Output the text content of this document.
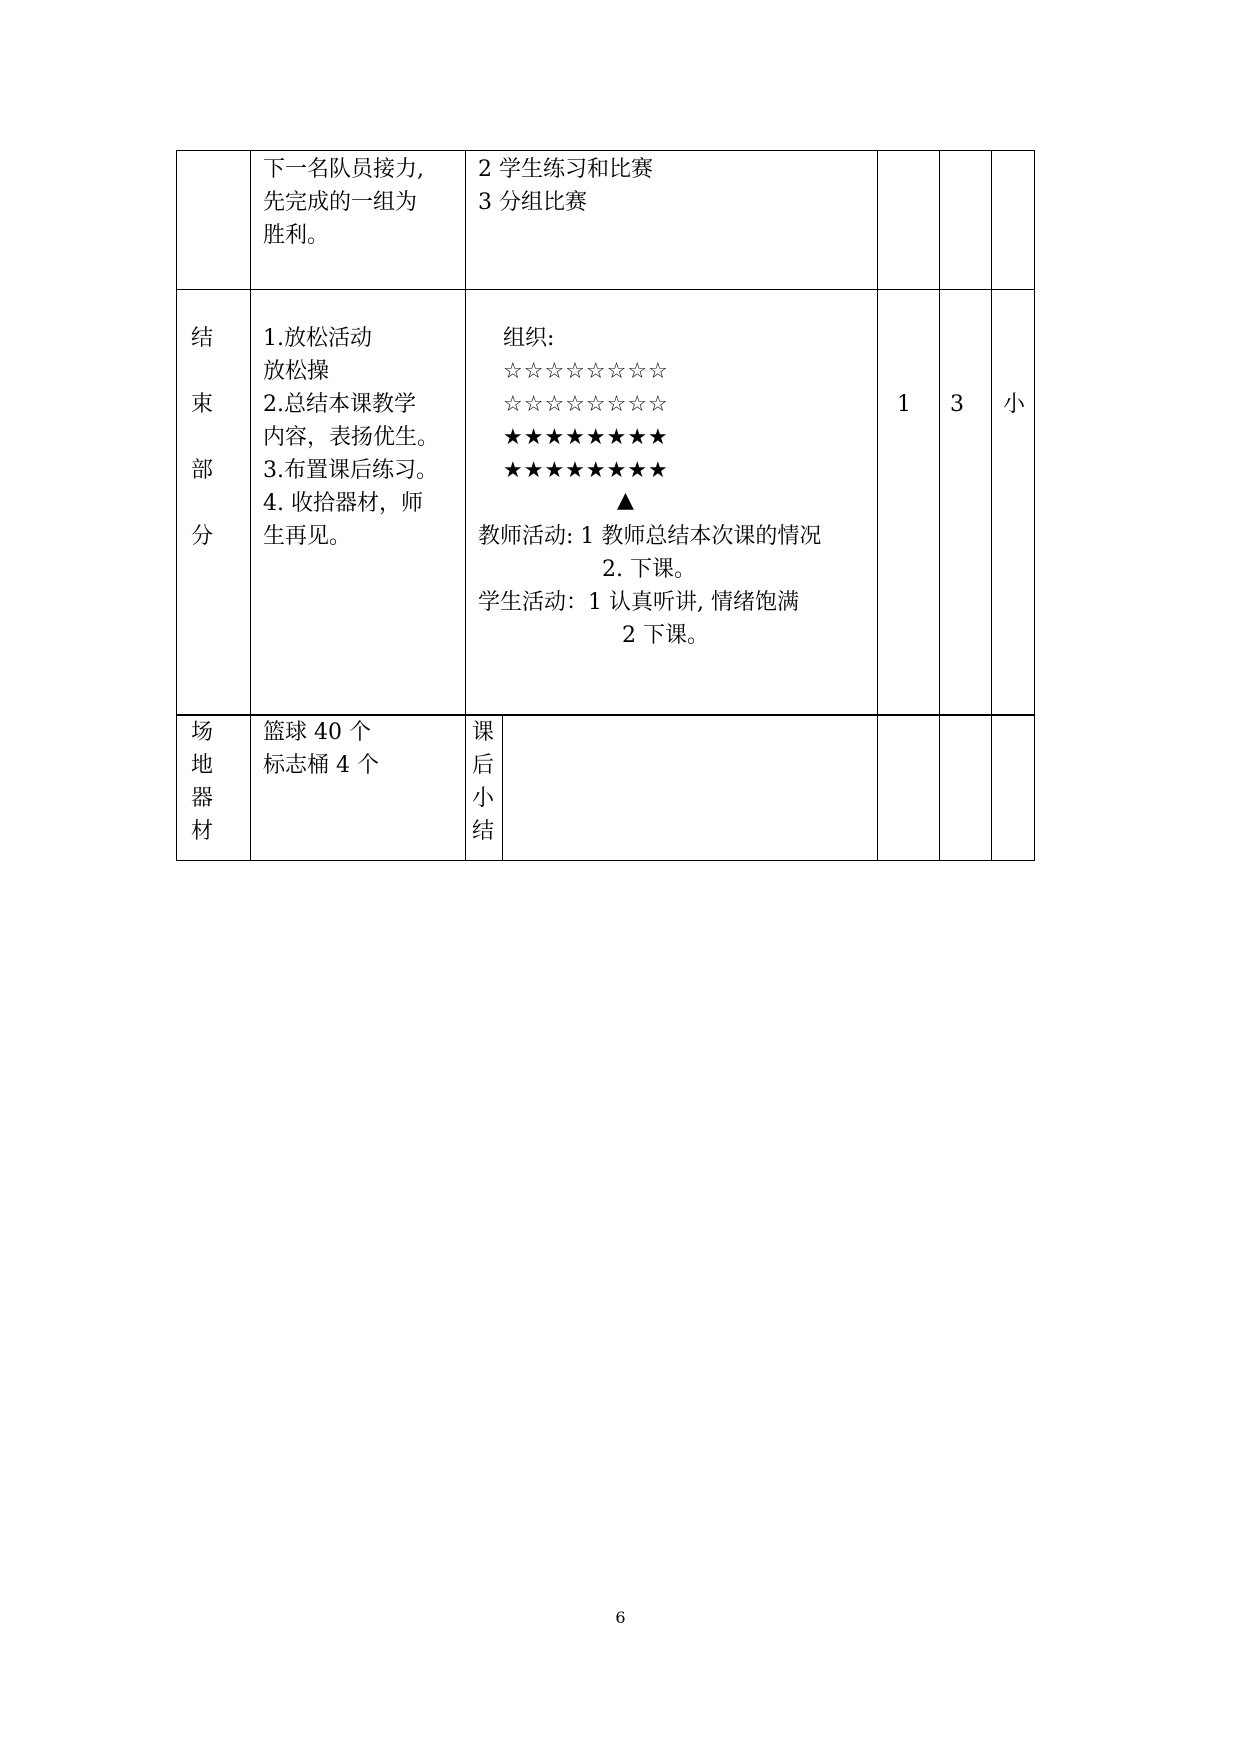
下一名队员接力,
先完成的一组为
胜利。
2 学生练习和比赛
3 分组比赛
结
束
部
分
1.放松活动
放松操
2.总结本课教学
内容，表扬优生。
3.布置课后练习。
4. 收拾器材，师
生再见。
组织:
☆☆☆☆☆☆☆☆
☆☆☆☆☆☆☆☆
★★★★★★★★
★★★★★★★★
▲
教师活动: 1 教师总结本次课的情况
2. 下课。
学生活动：1 认真听讲, 情绪饱满
2 下课。
1 3 小
场
地
器
材
篮球 40 个
标志桶 4 个
课
后
小
结
6
